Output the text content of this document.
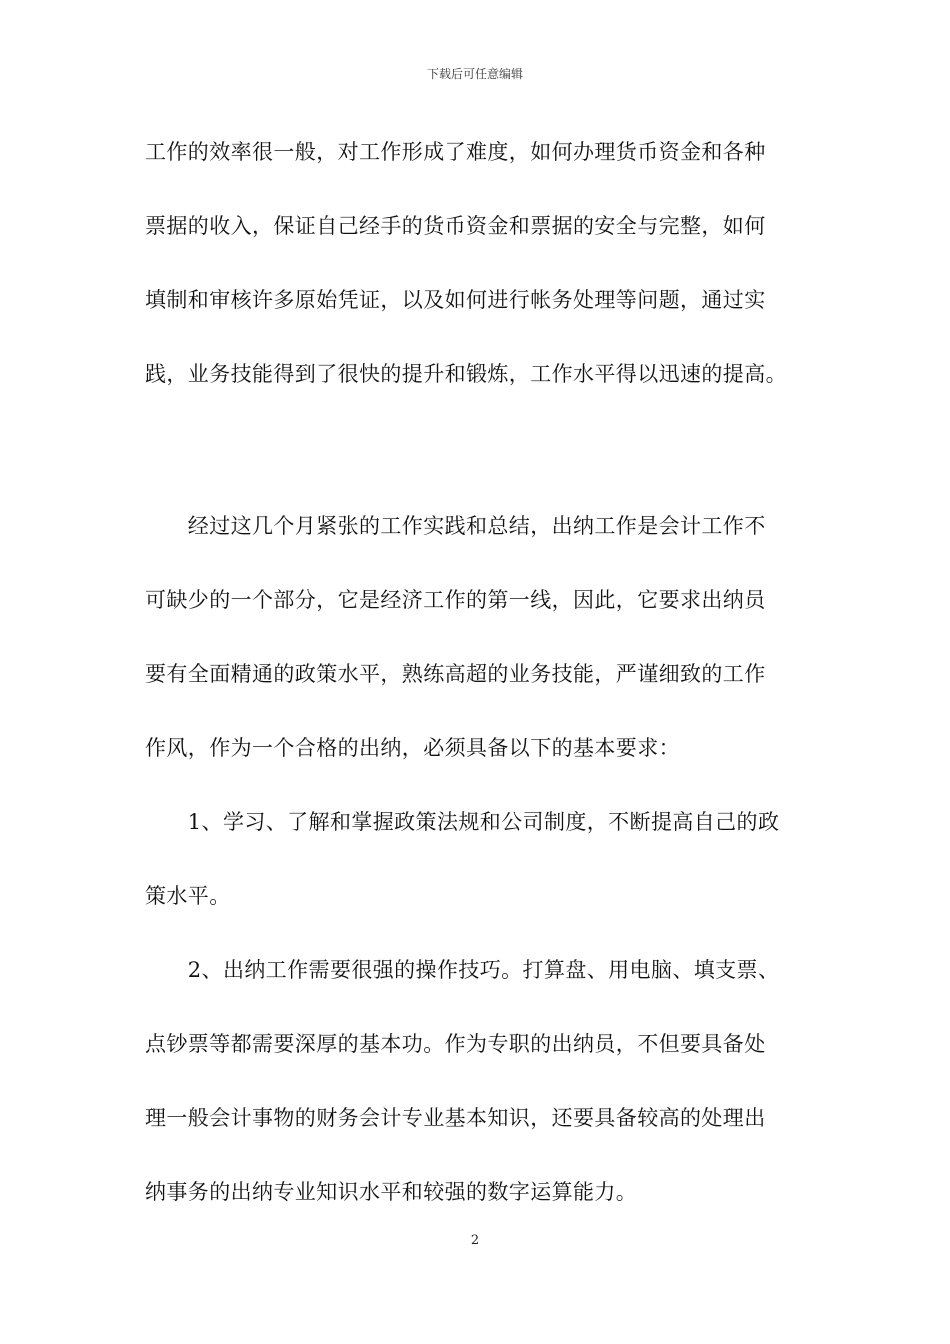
下载后可任意编辑
工作的效率很一般，对工作形成了难度，如何办理货币资金和各种
票据的收入，保证自己经手的货币资金和票据的安全与完整，如何
填制和审核许多原始凭证，以及如何进行帐务处理等问题，通过实
践，业务技能得到了很快的提升和锻炼，工作水平得以迅速的提高。
　　经过这几个月紧张的工作实践和总结，出纳工作是会计工作不
可缺少的一个部分，它是经济工作的第一线，因此，它要求出纳员
要有全面精通的政策水平，熟练高超的业务技能，严谨细致的工作
作风，作为一个合格的出纳，必须具备以下的基本要求：
　　1、学习、了解和掌握政策法规和公司制度，不断提高自己的政
策水平。
　　2、出纳工作需要很强的操作技巧。打算盘、用电脑、填支票、
点钞票等都需要深厚的基本功。作为专职的出纳员，不但要具备处
理一般会计事物的财务会计专业基本知识，还要具备较高的处理出
纳事务的出纳专业知识水平和较强的数字运算能力。
2
